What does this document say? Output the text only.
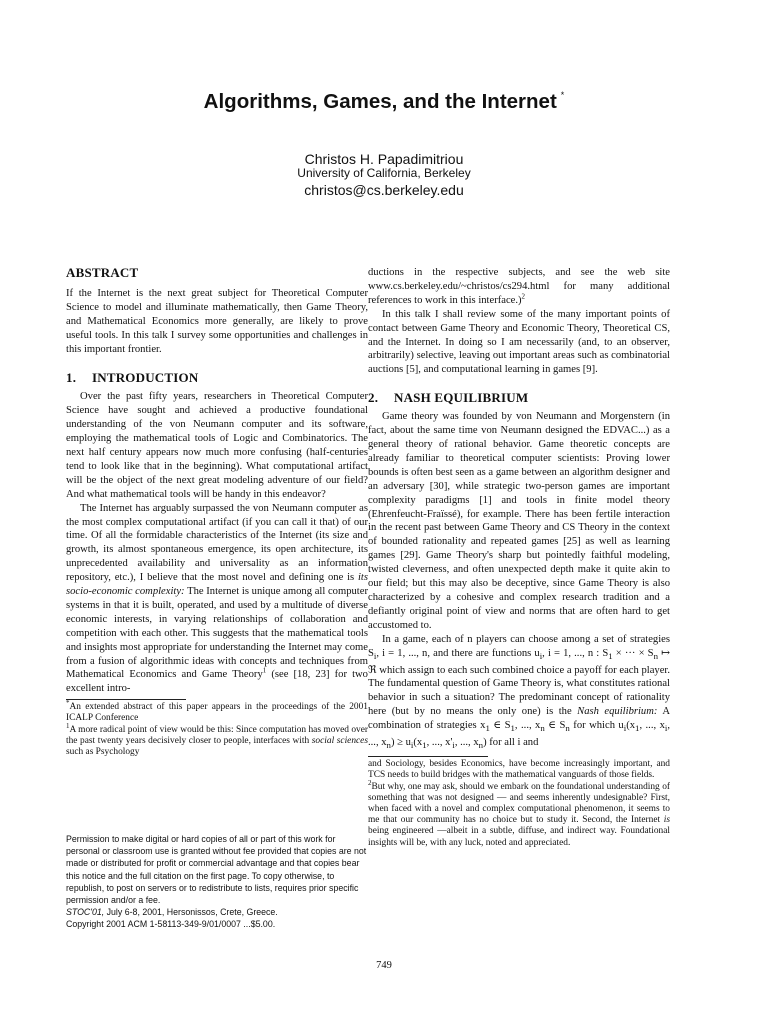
Algorithms, Games, and the Internet *
Christos H. Papadimitriou
University of California, Berkeley
christos@cs.berkeley.edu
ABSTRACT

If the Internet is the next great subject for Theoretical Computer Science to model and illuminate mathematically, then Game Theory, and Mathematical Economics more generally, are likely to prove useful tools. In this talk I survey some opportunities and challenges in this important frontier.

1. INTRODUCTION

Over the past fifty years, researchers in Theoretical Computer Science have sought and achieved a productive foundational understanding of the von Neumann computer and its software, employing the mathematical tools of Logic and Combinatorics. The next half century appears now much more confusing (half-centuries tend to look like that in the beginning). What computational artifact will be the object of the next great modeling adventure of our field? And what mathematical tools will be handy in this endeavor?

The Internet has arguably surpassed the von Neumann computer as the most complex computational artifact (if you can call it that) of our time. Of all the formidable characteristics of the Internet (its size and growth, its almost spontaneous emergence, its open architecture, its unprecedented availability and universality as an information repository, etc.), I believe that the most novel and defining one is its socio-economic complexity: The Internet is unique among all computer systems in that it is built, operated, and used by a multitude of diverse economic interests, in varying relationships of collaboration and competition with each other. This suggests that the mathematical tools and insights most appropriate for understanding the Internet may come from a fusion of algorithmic ideas with concepts and techniques from Mathematical Economics and Game Theory$^1$ (see [18, 23] for two excellent intro-

*An extended abstract of this paper appears in the proceedings of the 2001 ICALP Conference

$^1$A more radical point of view would be this: Since computation has moved over the past twenty years decisively closer to people, interfaces with social sciences such as Psychology

Permission to make digital or hard copies of all or part of this work for personal or classroom use is granted without fee provided that copies are not made or distributed for profit or commercial advantage and that copies bear this notice and the full citation on the first page. To copy otherwise, to republish, to post on servers or to redistribute to lists, requires prior specific permission and/or a fee.

STOC'01, July 6-8, 2001, Hersonissos, Crete, Greece.

Copyright 2001 ACM 1-58113-349-9/01/0007 ...$5.00.

ductions in the respective subjects, and see the web site www.cs.berkeley.edu/~christos/cs294.html for many additional references to work in this interface.)$^2$

In this talk I shall review some of the many important points of contact between Game Theory and Economic Theory, Theoretical CS, and the Internet. In doing so I am necessarily (and, to an observer, arbitrarily) selective, leaving out important areas such as combinatorial auctions [5], and computational learning in games [9].

2. NASH EQUILIBRIUM

Game theory was founded by von Neumann and Morgenstern (in fact, about the same time von Neumann designed the EDVAC...) as a general theory of rational behavior. Game theoretic concepts are already familiar to theoretical computer scientists: Proving lower bounds is often best seen as a game between an algorithm designer and an adversary [30], while strategic two-person games are important complexity paradigms [1] and tools in finite model theory (Ehrenfeucht-Fraïssé), for example. There has been fertile interaction in the recent past between Game Theory and CS Theory in the context of bounded rationality and repeated games [25] as well as learning games [29]. Game Theory's sharp but pointedly faithful modeling, twisted cleverness, and often unexpected depth make it quite akin to our field; but this may also be deceptive, since Game Theory is also characterized by a cohesive and complex research tradition and a defiantly original point of view and norms that are often hard to get accustomed to.

In a game, each of n players can choose among a set of strategies $S_i$, i = 1, ..., n, and there are functions $u_i$, i = 1, ..., n : $S_1$ × ··· × $S_n$ ↦ ℜ which assign to each such combined choice a payoff for each player. The fundamental question of Game Theory is, what constitutes rational behavior in such a situation? The predominant concept of rationality here (but by no means the only one) is the Nash equilibrium: A combination of strategies $x_1$ ∈ $S_1$, ..., $x_n$ ∈ $S_n$ for which $u_i(x_1$, ..., $x_i$, ..., $x_n) \ge u_i(x_1$, ..., $x'_i$, ..., $x_n$) for all i and

and Sociology, besides Economics, have become increasingly important, and TCS needs to build bridges with the mathematical vanguards of those fields.

$^2$But why, one may ask, should we embark on the foundational understanding of something that was not designed — and seems inherently undesignable? First, when faced with a novel and complex computational phenomenon, it seems to me that our community has no choice but to study it. Second, the Internet is being engineered —albeit in a subtle, diffuse, and indirect way. Foundational insights will be, with any luck, noted and appreciated.

749
